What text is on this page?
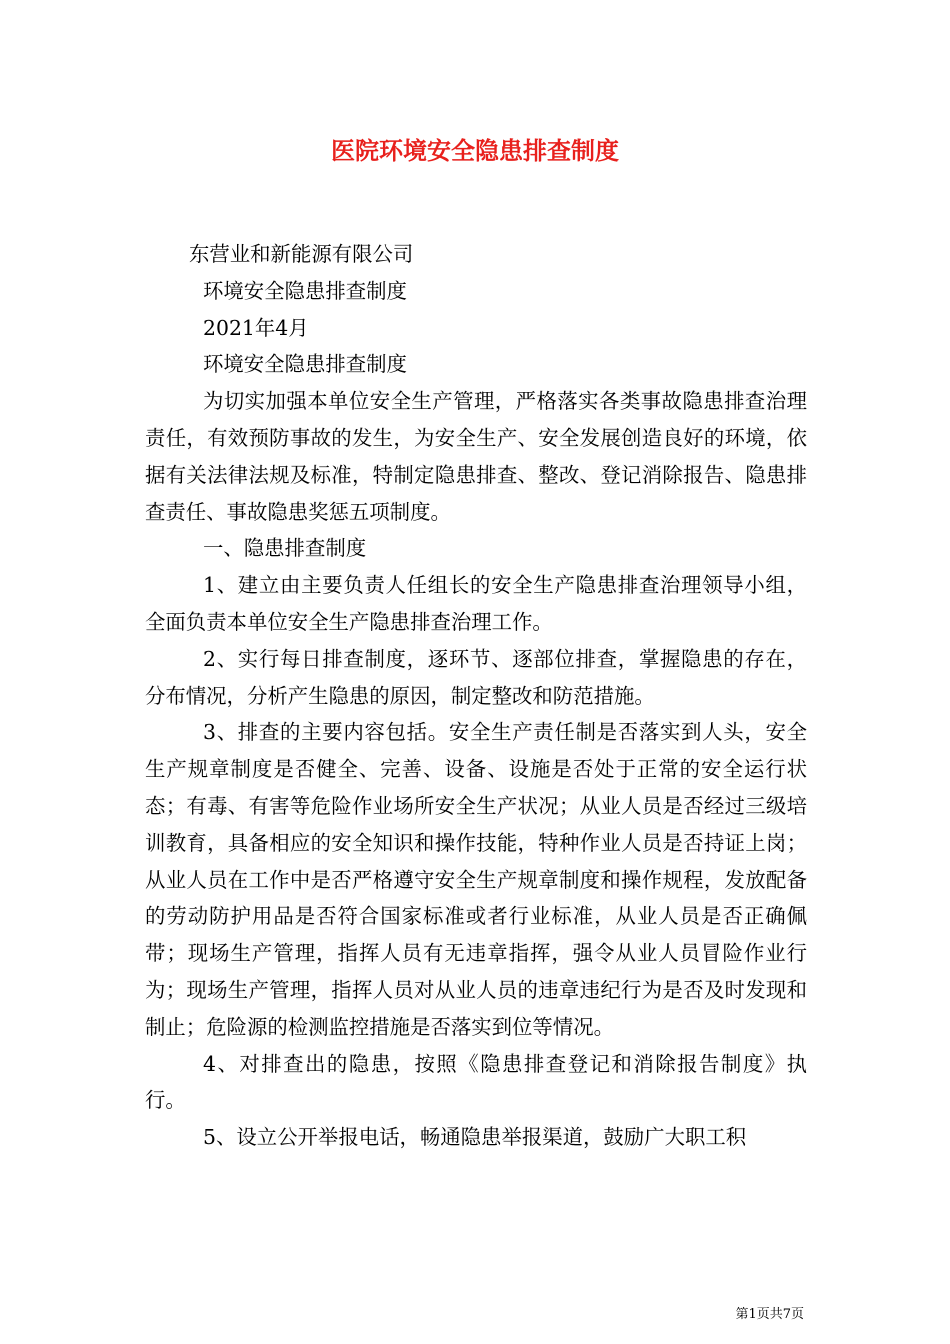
医院环境安全隐患排查制度

东营业和新能源有限公司

环境安全隐患排查制度

2021年4月

环境安全隐患排查制度

为切实加强本单位安全生产管理，严格落实各类事故隐患排查治理责任，有效预防事故的发生，为安全生产、安全发展创造良好的环境，依据有关法律法规及标准，特制定隐患排查、整改、登记消除报告、隐患排查责任、事故隐患奖惩五项制度。

一、隐患排查制度

1、建立由主要负责人任组长的安全生产隐患排查治理领导小组，全面负责本单位安全生产隐患排查治理工作。

2、实行每日排查制度，逐环节、逐部位排查，掌握隐患的存在，分布情况，分析产生隐患的原因，制定整改和防范措施。

3、排查的主要内容包括。安全生产责任制是否落实到人头，安全生产规章制度是否健全、完善、设备、设施是否处于正常的安全运行状态；有毒、有害等危险作业场所安全生产状况；从业人员是否经过三级培训教育，具备相应的安全知识和操作技能，特种作业人员是否持证上岗；从业人员在工作中是否严格遵守安全生产规章制度和操作规程，发放配备的劳动防护用品是否符合国家标准或者行业标准，从业人员是否正确佩带；现场生产管理，指挥人员有无违章指挥，强令从业人员冒险作业行为；现场生产管理，指挥人员对从业人员的违章违纪行为是否及时发现和制止；危险源的检测监控措施是否落实到位等情况。

4、对排查出的隐患，按照《隐患排查登记和消除报告制度》执行。

5、设立公开举报电话，畅通隐患举报渠道，鼓励广大职工积

第1页共7页
